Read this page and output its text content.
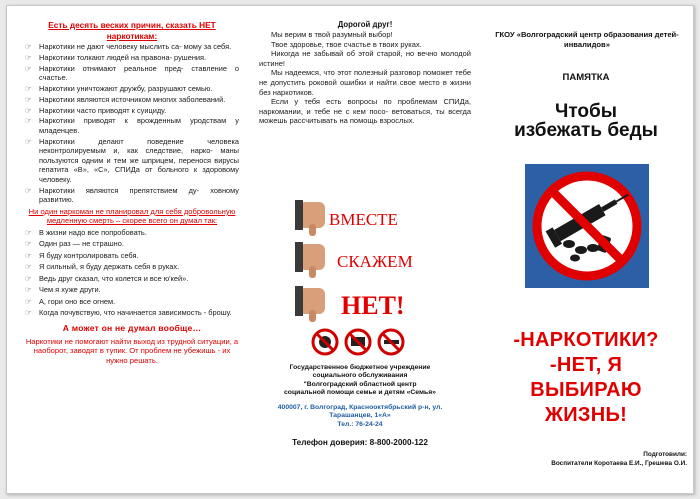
Есть десять веских причин, сказать НЕТ наркотикам:
☞ Наркотики не дают человеку мыслить са- мому за себя.
☞ Наркотики толкают людей на правона- рушения.
☞ Наркотики отнимают реальное пред- ставление о счастье.
☞ Наркотики уничтожают дружбу, разрушают семью.
☞ Наркотики являются источником многих заболеваний.
☞ Наркотики часто приводят к суициду.
☞ Наркотики приводят к врожденным уродствам у младенцев.
☞ Наркотики делают поведение человека неконтролируемым и, как следствие, нарко- маны пользуются одним и тем же шприцем, перенося вирусы гепатита «В», «С», СПИДа от больного к здоровому человеку.
☞ Наркотики являются препятствием ду- ховному развитию.
Ни один наркоман не планировал для себя добровольную медленную смерть – скорее всего он думал так:
☞ В жизни надо все попробовать.
☞ Один раз — не страшно.
☞ Я буду контролировать себя.
☞ Я сильный, я буду держать себя в руках.
☞ Ведь друг сказал, что колется и все ю'кей».
☞ Чем я хуже други.
☞ А, гори оно все огнем.
☞ Когда почувствую, что начинается зависимость - брошу.
А может он не думал вообще…
Наркотики не помогают найти выход из трудной ситуации, а наоборот, заводят в тупик. От проблем не убежишь - их нужно решать.
Дорогой друг!

Мы верим в твой разумный выбор!

Твое здоровье, твое счастье в твоих руках.

Никогда не забывай об этой старой, но вечно молодой истине!

Мы надеемся, что этот полезный разговор поможет тебе не допустить роковой ошибки и найти свое место в жизни без наркотиков.

Если у тебя есть вопросы по проблемам СПИДа, наркомании, и тебе не с кем посо- ветоваться, ты всегда можешь рассчитывать на помощь взрослых.

ВМЕСТЕ
СКАЖЕМ
НЕТ!
Государственное бюджетное учреждение
социального обслуживания
"Волгоградский областной центр
социальной помощи семье и детям «Семья»
400007, г. Волгоград, Краснооктябрьский р-н, ул.
Тарашанцев, 1«А»
Тел.: 76-24-24
Телефон доверия: 8-800-2000-122
ГКОУ «Волгоградский центр образования детей-инвалидов»
ПАМЯТКА
Чтобы
избежать беды
-НАРКОТИКИ?
-НЕТ, Я
ВЫБИРАЮ
ЖИЗНЬ!
Подготовили:
Воспитатели Коротаева Е.И., Грешева О.И.
